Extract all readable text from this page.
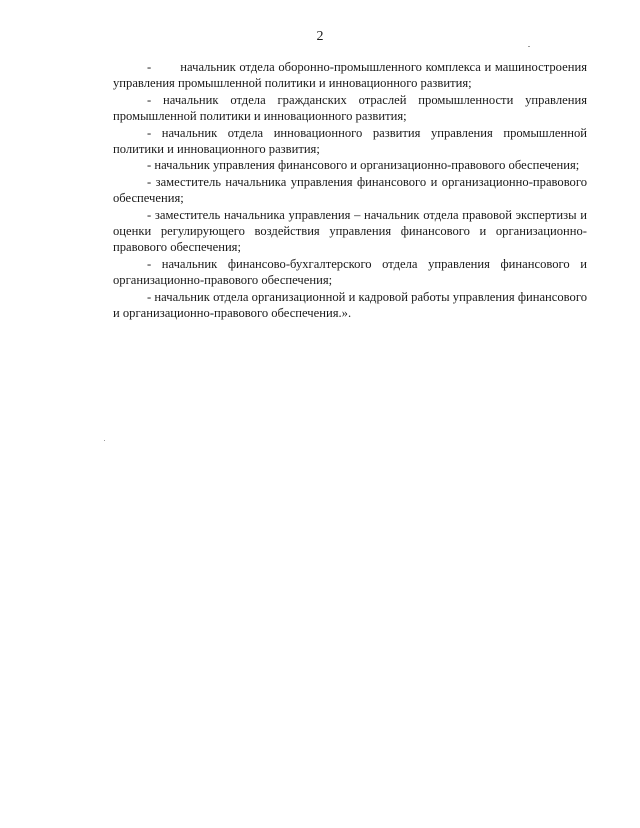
2

-        начальник отдела оборонно-промышленного комплекса и машиностроения управления промышленной политики и инновационного развития;

- начальник отдела гражданских отраслей промышленности управления промышленной политики и инновационного развития;

- начальник отдела инновационного развития управления промышленной политики и инновационного развития;

- начальник управления финансового и организационно-правового обеспечения;

- заместитель начальника управления финансового и организационно-правового обеспечения;

- заместитель начальника управления – начальник отдела правовой экспертизы и оценки регулирующего воздействия управления финансового и организационно-правового обеспечения;

- начальник финансово-бухгалтерского отдела управления финансового и организационно-правового обеспечения;

- начальник отдела организационной и кадровой работы управления финансового и организационно-правового обеспечения.».
